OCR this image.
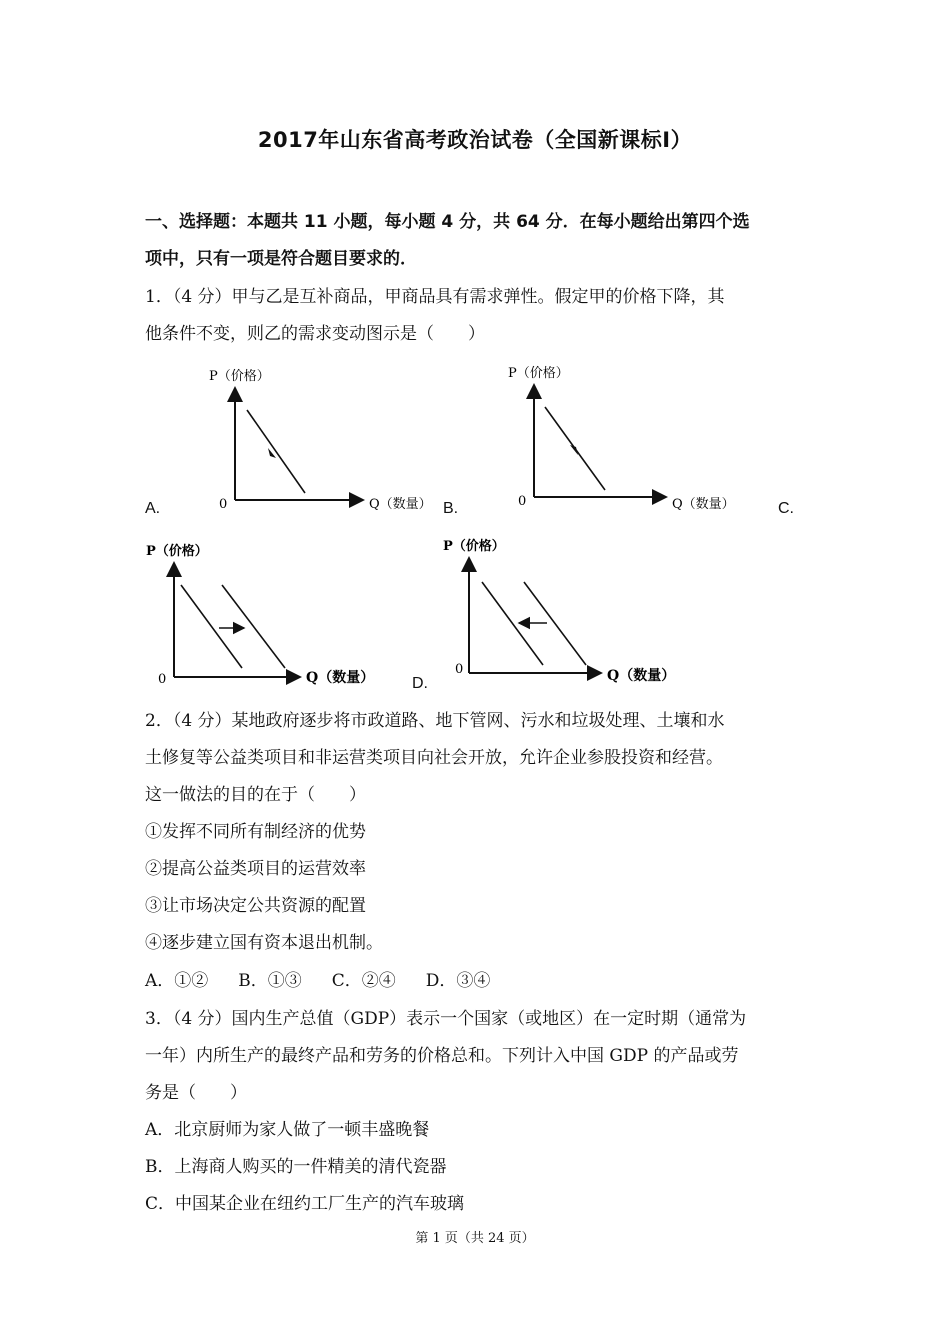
2017年山东省高考政治试卷（全国新课标Ⅰ）
一、选择题：本题共 11 小题，每小题 4 分，共 64 分．在每小题给出第四个选
项中，只有一项是符合题目要求的．
1．（4 分）甲与乙是互补商品，甲商品具有需求弹性。假定甲的价格下降，其
他条件不变，则乙的需求变动图示是（　　）
A.	B.	C.
D.
P（价格）
0	Q（数量）
P（价格）
0	Q（数量）
P（价格）
0	Q（数量）
P（价格）
0	Q（数量）
2．（4 分）某地政府逐步将市政道路、地下管网、污水和垃圾处理、土壤和水
土修复等公益类项目和非运营类项目向社会开放，允许企业参股投资和经营。
这一做法的目的在于（　　）
①发挥不同所有制经济的优势
②提高公益类项目的运营效率
③让市场决定公共资源的配置
④逐步建立国有资本退出机制。
A．①② B．①③ C．②④ D．③④
3．（4 分）国内生产总值（GDP）表示一个国家（或地区）在一定时期（通常为
一年）内所生产的最终产品和劳务的价格总和。下列计入中国 GDP 的产品或劳
务是（　　）
A．北京厨师为家人做了一顿丰盛晚餐
B．上海商人购买的一件精美的清代瓷器
C．中国某企业在纽约工厂生产的汽车玻璃
第 1 页（共 24 页）
